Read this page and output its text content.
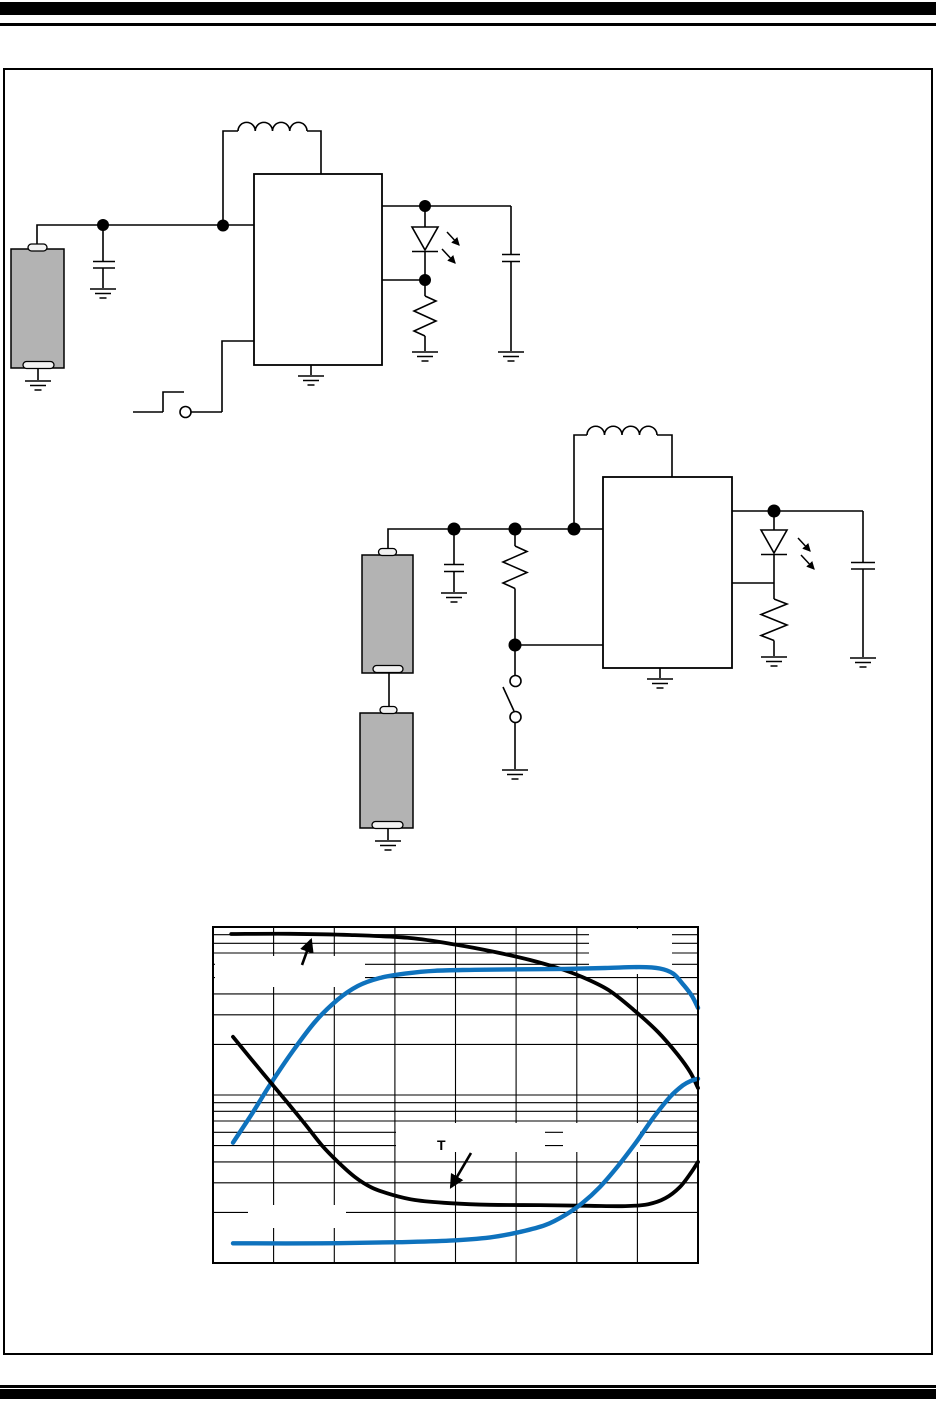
T
